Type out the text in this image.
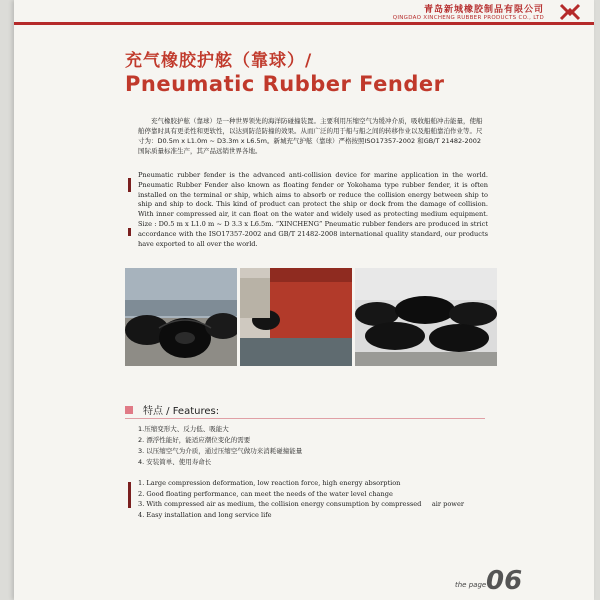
青岛新城橡胶制品有限公司
QINGDAO XINCHENG RUBBER PRODUCTS CO., LTD
充气橡胶护舷（靠球）/
Pneumatic Rubber Fender

充气橡胶护舷（靠球）是一种世界领先的海洋防碰撞装置。主要利用压缩空气为缓冲介质，吸收船舶冲击能量，使船舶停靠时具有更柔性和更软性，以达到防范防撞的效果。从而广泛的用于船与船之间的转移作业以及船舶靠泊作业等。尺寸为：D0.5m x L1.0m ~ D3.3m x L6.5m。新城充气护舷（靠球）严格按照ISO17357-2002 和GB/T 21482-2002国际质量标准生产，其产品远销世界各地。

Pneumatic rubber fender is the advanced anti-collision device for marine application in the world. Pneumatic Rubber Fender also known as floating fender or Yokohama type rubber fender, it is often installed on the terminal or ship, which aims to absorb or reduce the collision energy between ship to ship and ship to dock. This kind of product can protect the ship or dock from the damage of collision. With inner compressed air, it can float on the water and widely used as protecting medium equipment. Size : D0.5 m x L1.0 m ~ D 3.3 x L6.5m. “XINCHENG” Pneumatic rubber fenders are produced in strict accordance with the ISO17357-2002 and GB/T 21482-2008 international quality standard, our products have exported to all over the world.

特点 / Features:
1.压缩变形大、反力低、吸能大
2. 漂浮性能好，能适应潮位变化的需要
3. 以压缩空气为介质，通过压缩空气做功来消耗碰撞能量
4. 安装简单、使用寿命长
1. Large compression deformation, low reaction force, high energy absorption
2. Good floating performance, can meet the needs of the water level change
3. With compressed air as medium, the collision energy consumption by compressed     air power
4. Easy installation and long service life
the page 06
